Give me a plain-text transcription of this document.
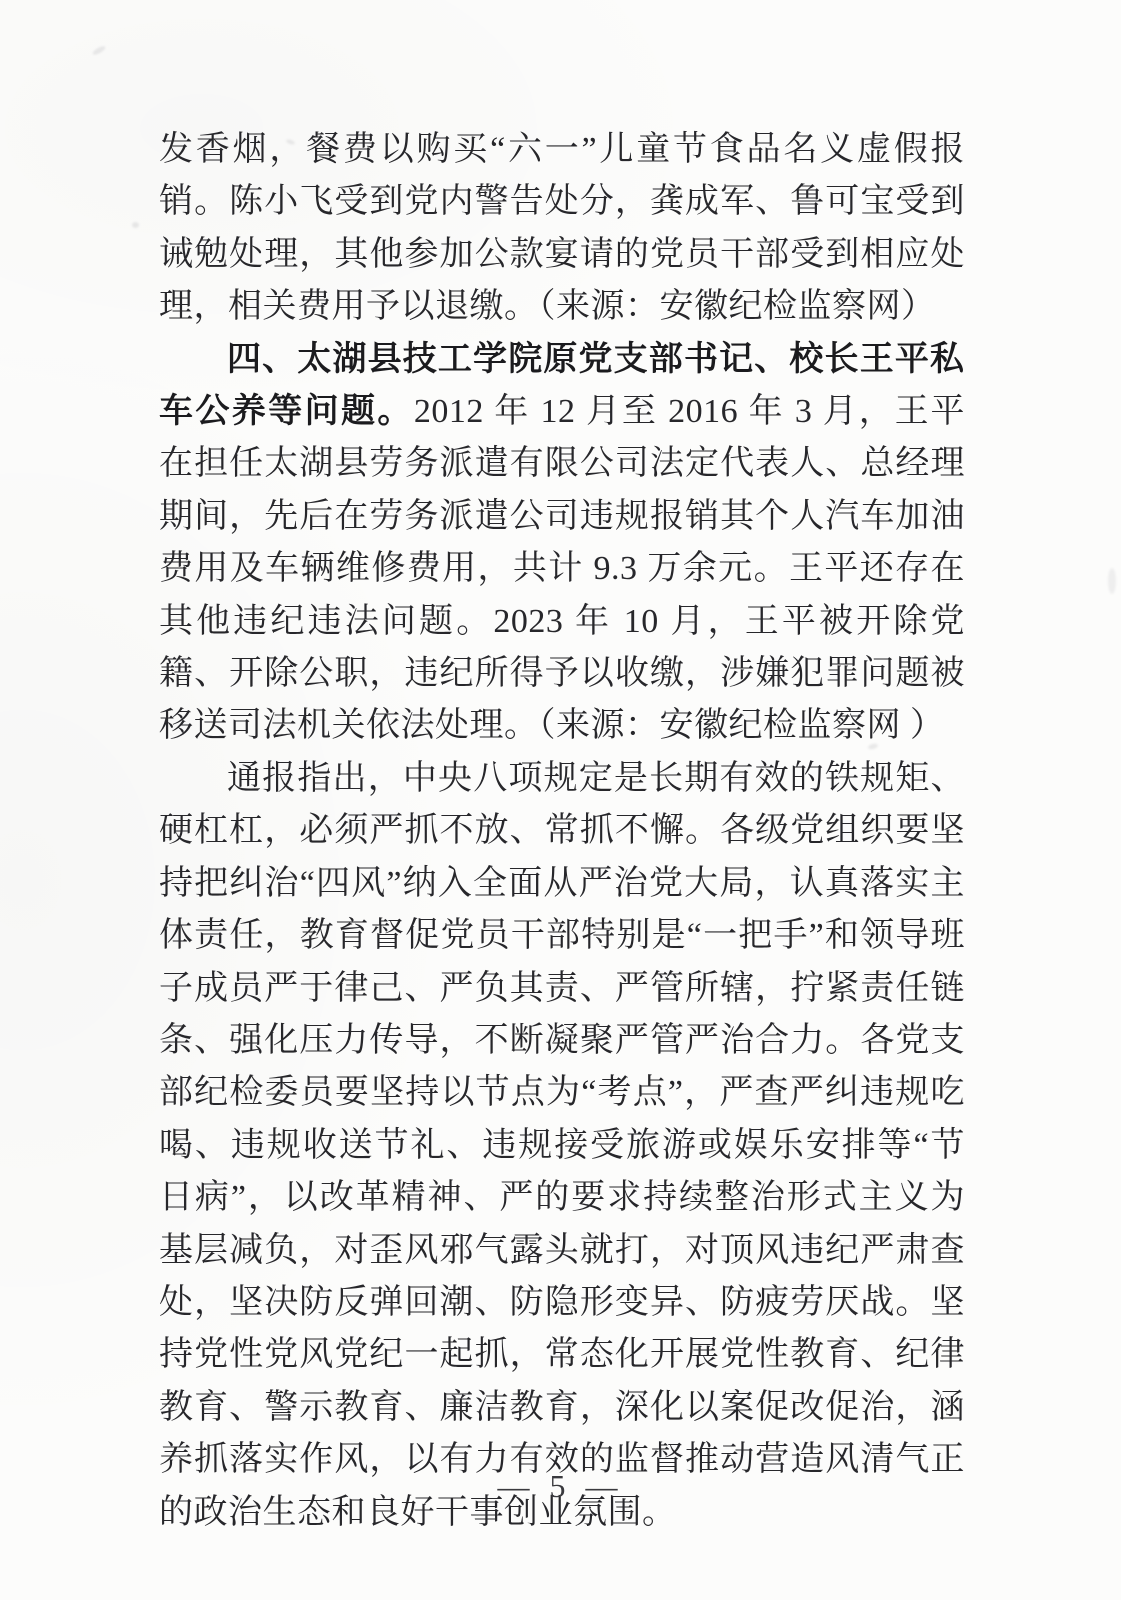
发香烟，餐费以购买“六一”儿童节食品名义虚假报销。陈小飞受到党内警告处分，龚成军、鲁可宝受到诫勉处理，其他参加公款宴请的党员干部受到相应处理，相关费用予以退缴。（来源：安徽纪检监察网）

四、太湖县技工学院原党支部书记、校长王平私车公养等问题。2012 年 12 月至 2016 年 3 月，王平在担任太湖县劳务派遣有限公司法定代表人、总经理期间，先后在劳务派遣公司违规报销其个人汽车加油费用及车辆维修费用，共计 9.3 万余元。王平还存在其他违纪违法问题。2023 年 10 月，王平被开除党籍、开除公职，违纪所得予以收缴，涉嫌犯罪问题被移送司法机关依法处理。（来源：安徽纪检监察网 ）

通报指出，中央八项规定是长期有效的铁规矩、硬杠杠，必须严抓不放、常抓不懈。各级党组织要坚持把纠治“四风”纳入全面从严治党大局，认真落实主体责任，教育督促党员干部特别是“一把手”和领导班子成员严于律己、严负其责、严管所辖，拧紧责任链条、强化压力传导，不断凝聚严管严治合力。各党支部纪检委员要坚持以节点为“考点”，严查严纠违规吃喝、违规收送节礼、违规接受旅游或娱乐安排等“节日病”，以改革精神、严的要求持续整治形式主义为基层减负，对歪风邪气露头就打，对顶风违纪严肃查处，坚决防反弹回潮、防隐形变异、防疲劳厌战。坚持党性党风党纪一起抓，常态化开展党性教育、纪律教育、警示教育、廉洁教育，深化以案促改促治，涵养抓落实作风，以有力有效的监督推动营造风清气正的政治生态和良好干事创业氛围。

— 5 —
